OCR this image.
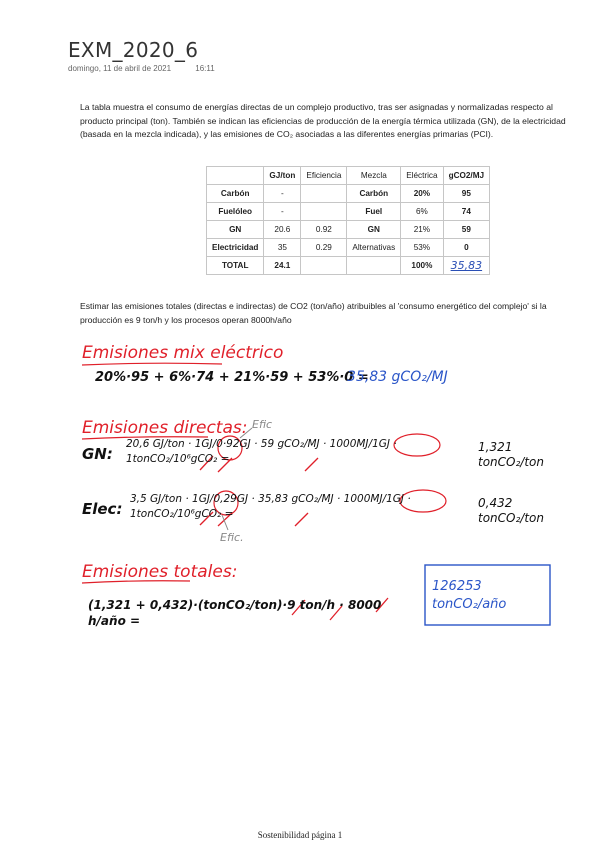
EXM_2020_6
domingo, 11 de abril de 2021	16:11
La tabla muestra el consumo de energías directas de un complejo productivo, tras ser asignadas y normalizadas respecto al producto principal (ton). También se indican las eficiencias de producción de la energía térmica utilizada (GN), de la electricidad (basada en la mezcla indicada), y las emisiones de CO₂ asociadas a las diferentes energías primarias (PCI).
	GJ/ton	Eficiencia	Mezcla	Eléctrica	gCO2/MJ
Carbón	-		Carbón	20%	95
Fuelóleo	-		Fuel	6%	74
GN	20.6	0.92	GN	21%	59
Electricidad	35	0.29	Alternativas	53%	0
TOTAL	24.1			100%	35,83
Estimar las emisiones totales (directas e indirectas) de CO2 (ton/año) atribuibles al 'consumo energético del complejo' si la producción es 9 ton/h y los procesos operan 8000h/año
Emisiones mix eléctrico
20%·95 + 6%·74 + 21%·59 + 53%·0 =
35,83 gCO₂/MJ
Emisiones directas: Efic
GN:
20,6 GJ/ton · 1GJ/0·92GJ · 59 gCO₂/MJ · 1000MJ/1GJ · 1tonCO₂/10⁶gCO₂ =
1,321 tonCO₂/ton
Elec:
3,5 GJ/ton · 1GJ/0,29GJ · 35,83 gCO₂/MJ · 1000MJ/1GJ · 1tonCO₂/10⁶gCO₂ =
0,432 tonCO₂/ton
Efic.
Emisiones totales:
(1,321 + 0,432)·(tonCO₂/ton)·9 ton/h · 8000 h/año =
126253 tonCO₂/año
Sostenibilidad página 1
